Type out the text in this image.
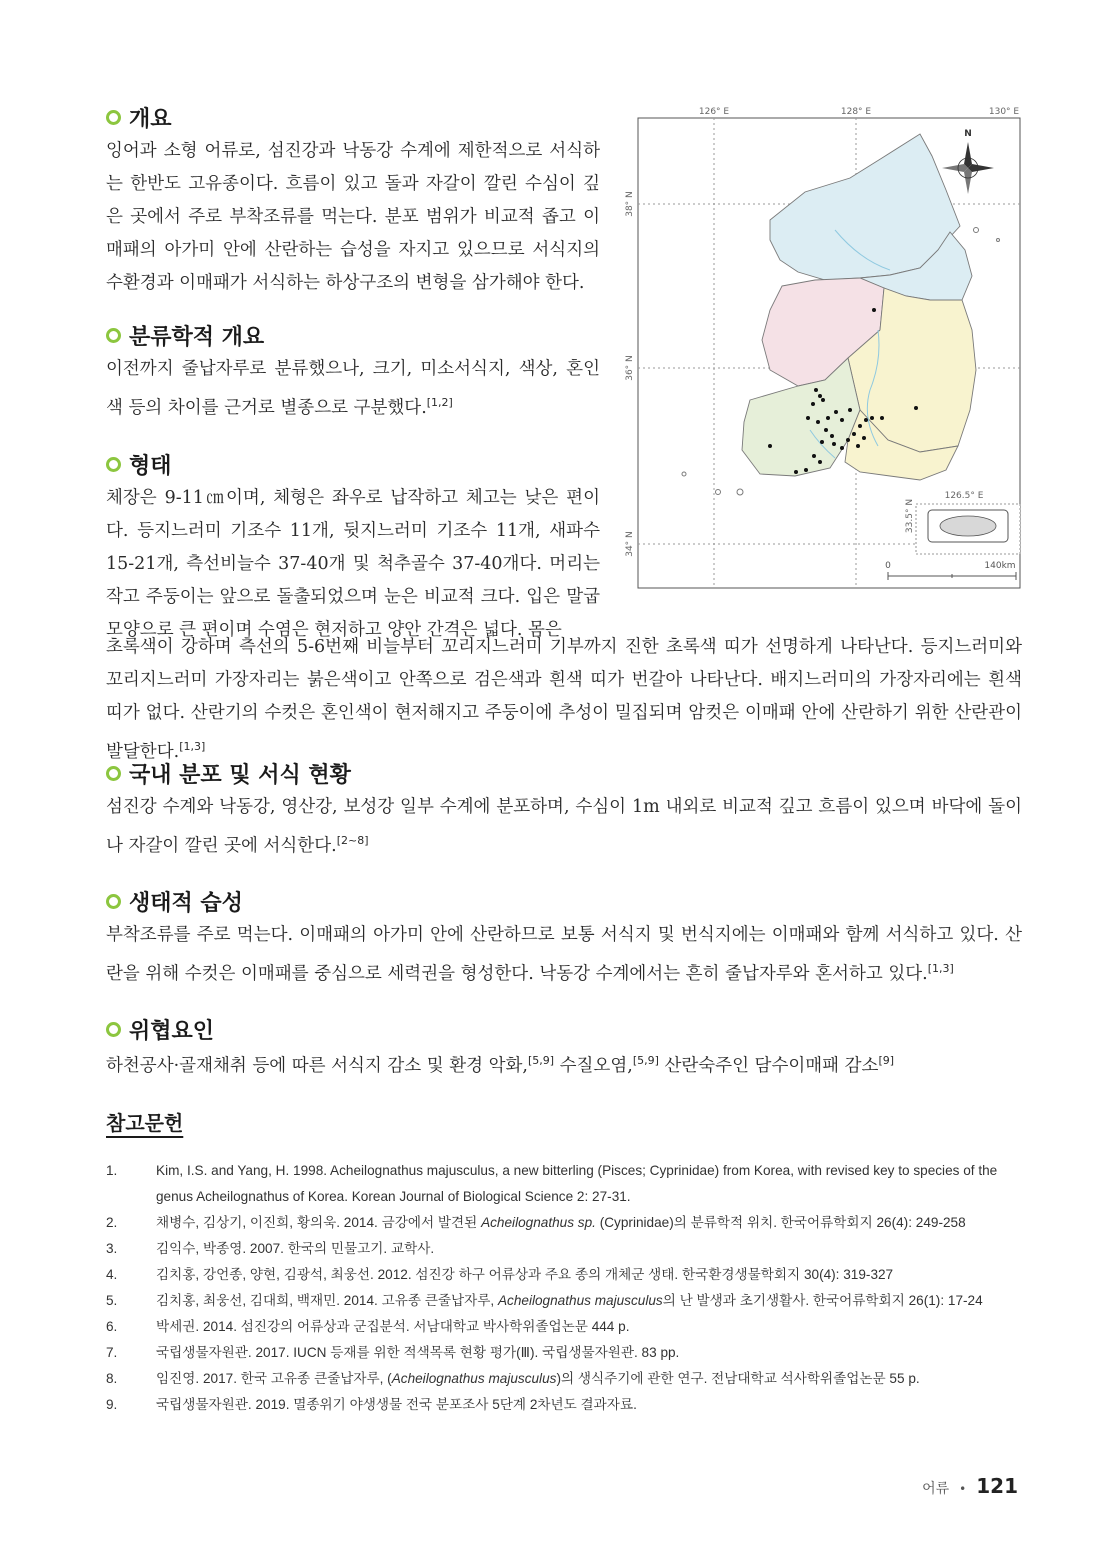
개요

잉어과 소형 어류로, 섬진강과 낙동강 수계에 제한적으로 서식하는 한반도 고유종이다. 흐름이 있고 돌과 자갈이 깔린 수심이 깊은 곳에서 주로 부착조류를 먹는다. 분포 범위가 비교적 좁고 이매패의 아가미 안에 산란하는 습성을 자지고 있으므로 서식지의 수환경과 이매패가 서식하는 하상구조의 변형을 삼가해야 한다.

분류학적 개요

이전까지 줄납자루로 분류했으나, 크기, 미소서식지, 색상, 혼인색 등의 차이를 근거로 별종으로 구분했다.[1,2]

형태

체장은 9-11㎝이며, 체형은 좌우로 납작하고 체고는 낮은 편이다. 등지느러미 기조수 11개, 뒷지느러미 기조수 11개, 새파수 15-21개, 측선비늘수 37-40개 및 척추골수 37-40개다. 머리는 작고 주둥이는 앞으로 돌출되었으며 눈은 비교적 크다. 입은 말굽 모양으로 큰 편이며 수염은 현저하고 양안 간격은 넓다. 몸은

초록색이 강하며 측선의 5-6번째 비늘부터 꼬리지느러미 기부까지 진한 초록색 띠가 선명하게 나타난다. 등지느러미와 꼬리지느러미 가장자리는 붉은색이고 안쪽으로 검은색과 흰색 띠가 번갈아 나타난다. 배지느러미의 가장자리에는 흰색 띠가 없다. 산란기의 수컷은 혼인색이 현저해지고 주둥이에 추성이 밀집되며 암컷은 이매패 안에 산란하기 위한 산란관이 발달한다.[1,3]

국내 분포 및 서식 현황

섬진강 수계와 낙동강, 영산강, 보성강 일부 수계에 분포하며, 수심이 1m 내외로 비교적 깊고 흐름이 있으며 바닥에 돌이나 자갈이 깔린 곳에 서식한다.[2~8]

생태적 습성

부착조류를 주로 먹는다. 이매패의 아가미 안에 산란하므로 보통 서식지 및 번식지에는 이매패와 함께 서식하고 있다. 산란을 위해 수컷은 이매패를 중심으로 세력권을 형성한다. 낙동강 수계에서는 흔히 줄납자루와 혼서하고 있다.[1,3]

위협요인

하천공사·골재채취 등에 따른 서식지 감소 및 환경 악화,[5,9] 수질오염,[5,9] 산란숙주인 담수이매패 감소[9]

참고문헌
1.	Kim, I.S. and Yang, H. 1998. Acheilognathus majusculus, a new bitterling (Pisces; Cyprinidae) from Korea, with revised key to species of the genus Acheilognathus of Korea. Korean Journal of Biological Science 2: 27-31.
2.	채병수, 김상기, 이진희, 황의욱. 2014. 금강에서 발견된 Acheilognathus sp. (Cyprinidae)의 분류학적 위치. 한국어류학회지 26(4): 249-258
3.	김익수, 박종영. 2007. 한국의 민물고기. 교학사.
4.	김치홍, 강언종, 양현, 김광석, 최웅선. 2012. 섬진강 하구 어류상과 주요 종의 개체군 생태. 한국환경생물학회지 30(4): 319-327
5.	김치홍, 최웅선, 김대희, 백재민. 2014. 고유종 큰줄납자루, Acheilognathus majusculus의 난 발생과 초기생활사. 한국어류학회지 26(1): 17-24
6.	박세권. 2014. 섬진강의 어류상과 군집분석. 서남대학교 박사학위졸업논문 444 p.
7.	국립생물자원관. 2017. IUCN 등재를 위한 적색목록 현황 평가(Ⅲ). 국립생물자원관. 83 pp.
8.	임진영. 2017. 한국 고유종 큰줄납자루, (Acheilognathus majusculus)의 생식주기에 관한 연구. 전남대학교 석사학위졸업논문 55 p.
9.	국립생물자원관. 2019. 멸종위기 야생생물 전국 분포조사 5단계 2차년도 결과자료.
126° E	128° E	130° E
38° N
36° N
34° N
N
126.5° E
33.5° N
0	140km
어류 • 121
